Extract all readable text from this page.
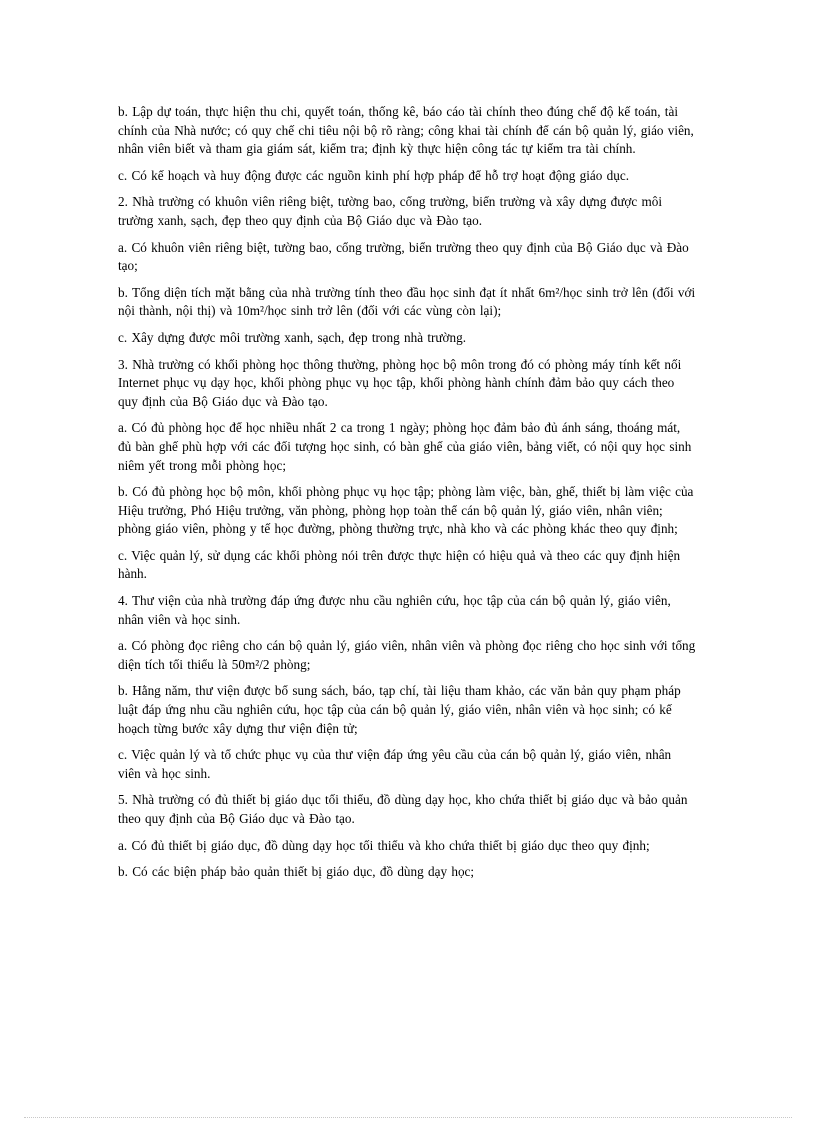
b. Lập dự toán, thực hiện thu chi, quyết toán, thống kê, báo cáo tài chính theo đúng chế độ kế toán, tài chính của Nhà nước; có quy chế chi tiêu nội bộ rõ ràng; công khai tài chính để cán bộ quản lý, giáo viên, nhân viên biết và tham gia giám sát, kiểm tra; định kỳ thực hiện công tác tự kiểm tra tài chính.

c. Có kế hoạch và huy động được các nguồn kinh phí hợp pháp để hỗ trợ hoạt động giáo dục.

2. Nhà trường có khuôn viên riêng biệt, tường bao, cổng trường, biển trường và xây dựng được môi trường xanh, sạch, đẹp theo quy định của Bộ Giáo dục và Đào tạo.

a. Có khuôn viên riêng biệt, tường bao, cổng trường, biển trường theo quy định của Bộ Giáo dục và Đào tạo;

b. Tổng diện tích mặt bằng của nhà trường tính theo đầu học sinh đạt ít nhất 6m²/học sinh trở lên (đối với nội thành, nội thị) và 10m²/học sinh trở lên (đối với các vùng còn lại);

c. Xây dựng được môi trường xanh, sạch, đẹp trong nhà trường.

3. Nhà trường có khối phòng học thông thường, phòng học bộ môn trong đó có phòng máy tính kết nối Internet phục vụ dạy học, khối phòng phục vụ học tập, khối phòng hành chính đảm bảo quy cách theo quy định của Bộ Giáo dục và Đào tạo.

a. Có đủ phòng học để học nhiều nhất 2 ca trong 1 ngày; phòng học đảm bảo đủ ánh sáng, thoáng mát, đủ bàn ghế phù hợp với các đối tượng học sinh, có bàn ghế của giáo viên, bảng viết, có nội quy học sinh niêm yết trong mỗi phòng học;

b. Có đủ phòng học bộ môn, khối phòng phục vụ học tập; phòng làm việc, bàn, ghế, thiết bị làm việc của Hiệu trưởng, Phó Hiệu trưởng, văn phòng, phòng họp toàn thể cán bộ quản lý, giáo viên, nhân viên; phòng giáo viên, phòng y tế học đường, phòng thường trực, nhà kho và các phòng khác theo quy định;

c. Việc quản lý, sử dụng các khối phòng nói trên được thực hiện có hiệu quả và theo các quy định hiện hành.

4. Thư viện của nhà trường đáp ứng được nhu cầu nghiên cứu, học tập của cán bộ quản lý, giáo viên, nhân viên và học sinh.

a. Có phòng đọc riêng cho cán bộ quản lý, giáo viên, nhân viên và phòng đọc riêng cho học sinh với tổng diện tích tối thiểu là 50m²/2 phòng;

b. Hằng năm, thư viện được bổ sung sách, báo, tạp chí, tài liệu tham khảo, các văn bản quy phạm pháp luật đáp ứng nhu cầu nghiên cứu, học tập của cán bộ quản lý, giáo viên, nhân viên và học sinh; có kế hoạch từng bước xây dựng thư viện điện tử;

c. Việc quản lý và tổ chức phục vụ của thư viện đáp ứng yêu cầu của cán bộ quản lý, giáo viên, nhân viên và học sinh.

5. Nhà trường có đủ thiết bị giáo dục tối thiểu, đồ dùng dạy học, kho chứa thiết bị giáo dục và bảo quản theo quy định của Bộ Giáo dục và Đào tạo.

a. Có đủ thiết bị giáo dục, đồ dùng dạy học tối thiểu và kho chứa thiết bị giáo dục theo quy định;

b. Có các biện pháp bảo quản thiết bị giáo dục, đồ dùng dạy học;
